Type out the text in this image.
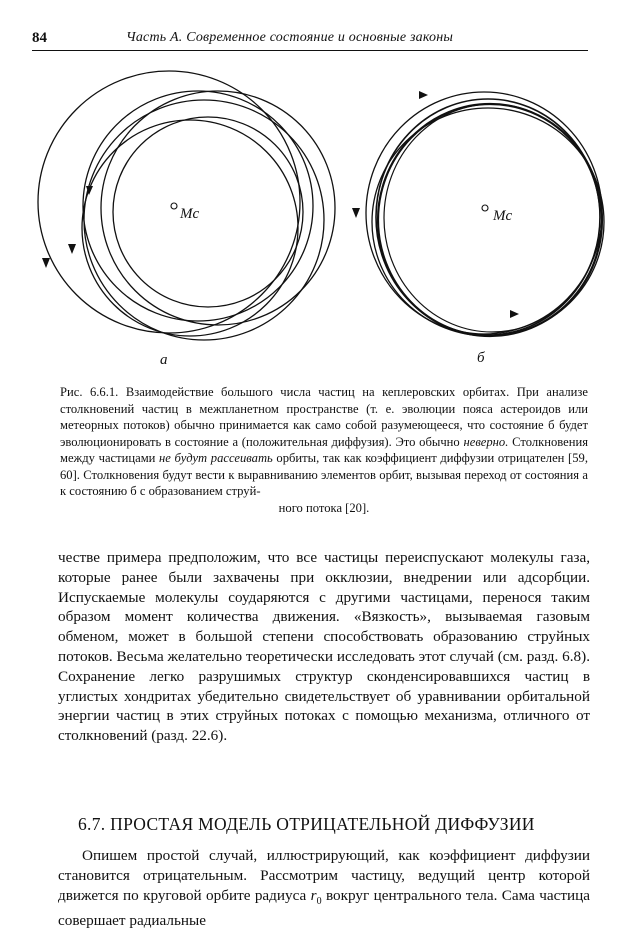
84	Часть А. Современное состояние и основные законы
Mc
а
Mc
б
Рис. 6.6.1. Взаимодействие большого числа частиц на кеплеровских орбитах. При анализе столкновений частиц в межпланетном пространстве (т. е. эволюции пояса астероидов или метеорных потоков) обычно принимается как само собой разумеющееся, что состояние б будет эволюционировать в состояние а (положительная диффузия). Это обычно неверно. Столкновения между частицами не будут рассеивать орбиты, так как коэффициент диффузии отрицателен [59, 60]. Столкновения будут вести к выравниванию элементов орбит, вызывая переход от состояния а к состоянию б с образованием струй-
ного потока [20].

честве примера предположим, что все частицы переиспускают молекулы газа, которые ранее были захвачены при окклюзии, внедрении или адсорбции. Испускаемые молекулы соударяются с другими частицами, перенося таким образом момент количества движения. «Вязкость», вызываемая газовым обменом, может в большой степени способствовать образованию струйных потоков. Весьма желательно теоретически исследовать этот случай (см. разд. 6.8). Сохранение легко разрушимых структур сконденсировавшихся частиц в углистых хондритах убедительно свидетельствует об уравнивании орбитальной энергии частиц в этих струйных потоках с помощью механизма, отличного от столкновений (разд. 22.6).

6.7. ПРОСТАЯ МОДЕЛЬ ОТРИЦАТЕЛЬНОЙ ДИФФУЗИИ

Опишем простой случай, иллюстрирующий, как коэффициент диффузии становится отрицательным. Рассмотрим частицу, ведущий центр которой движется по круговой орбите радиуса $r_0$ вокруг центрального тела. Сама частица совершает радиальные
